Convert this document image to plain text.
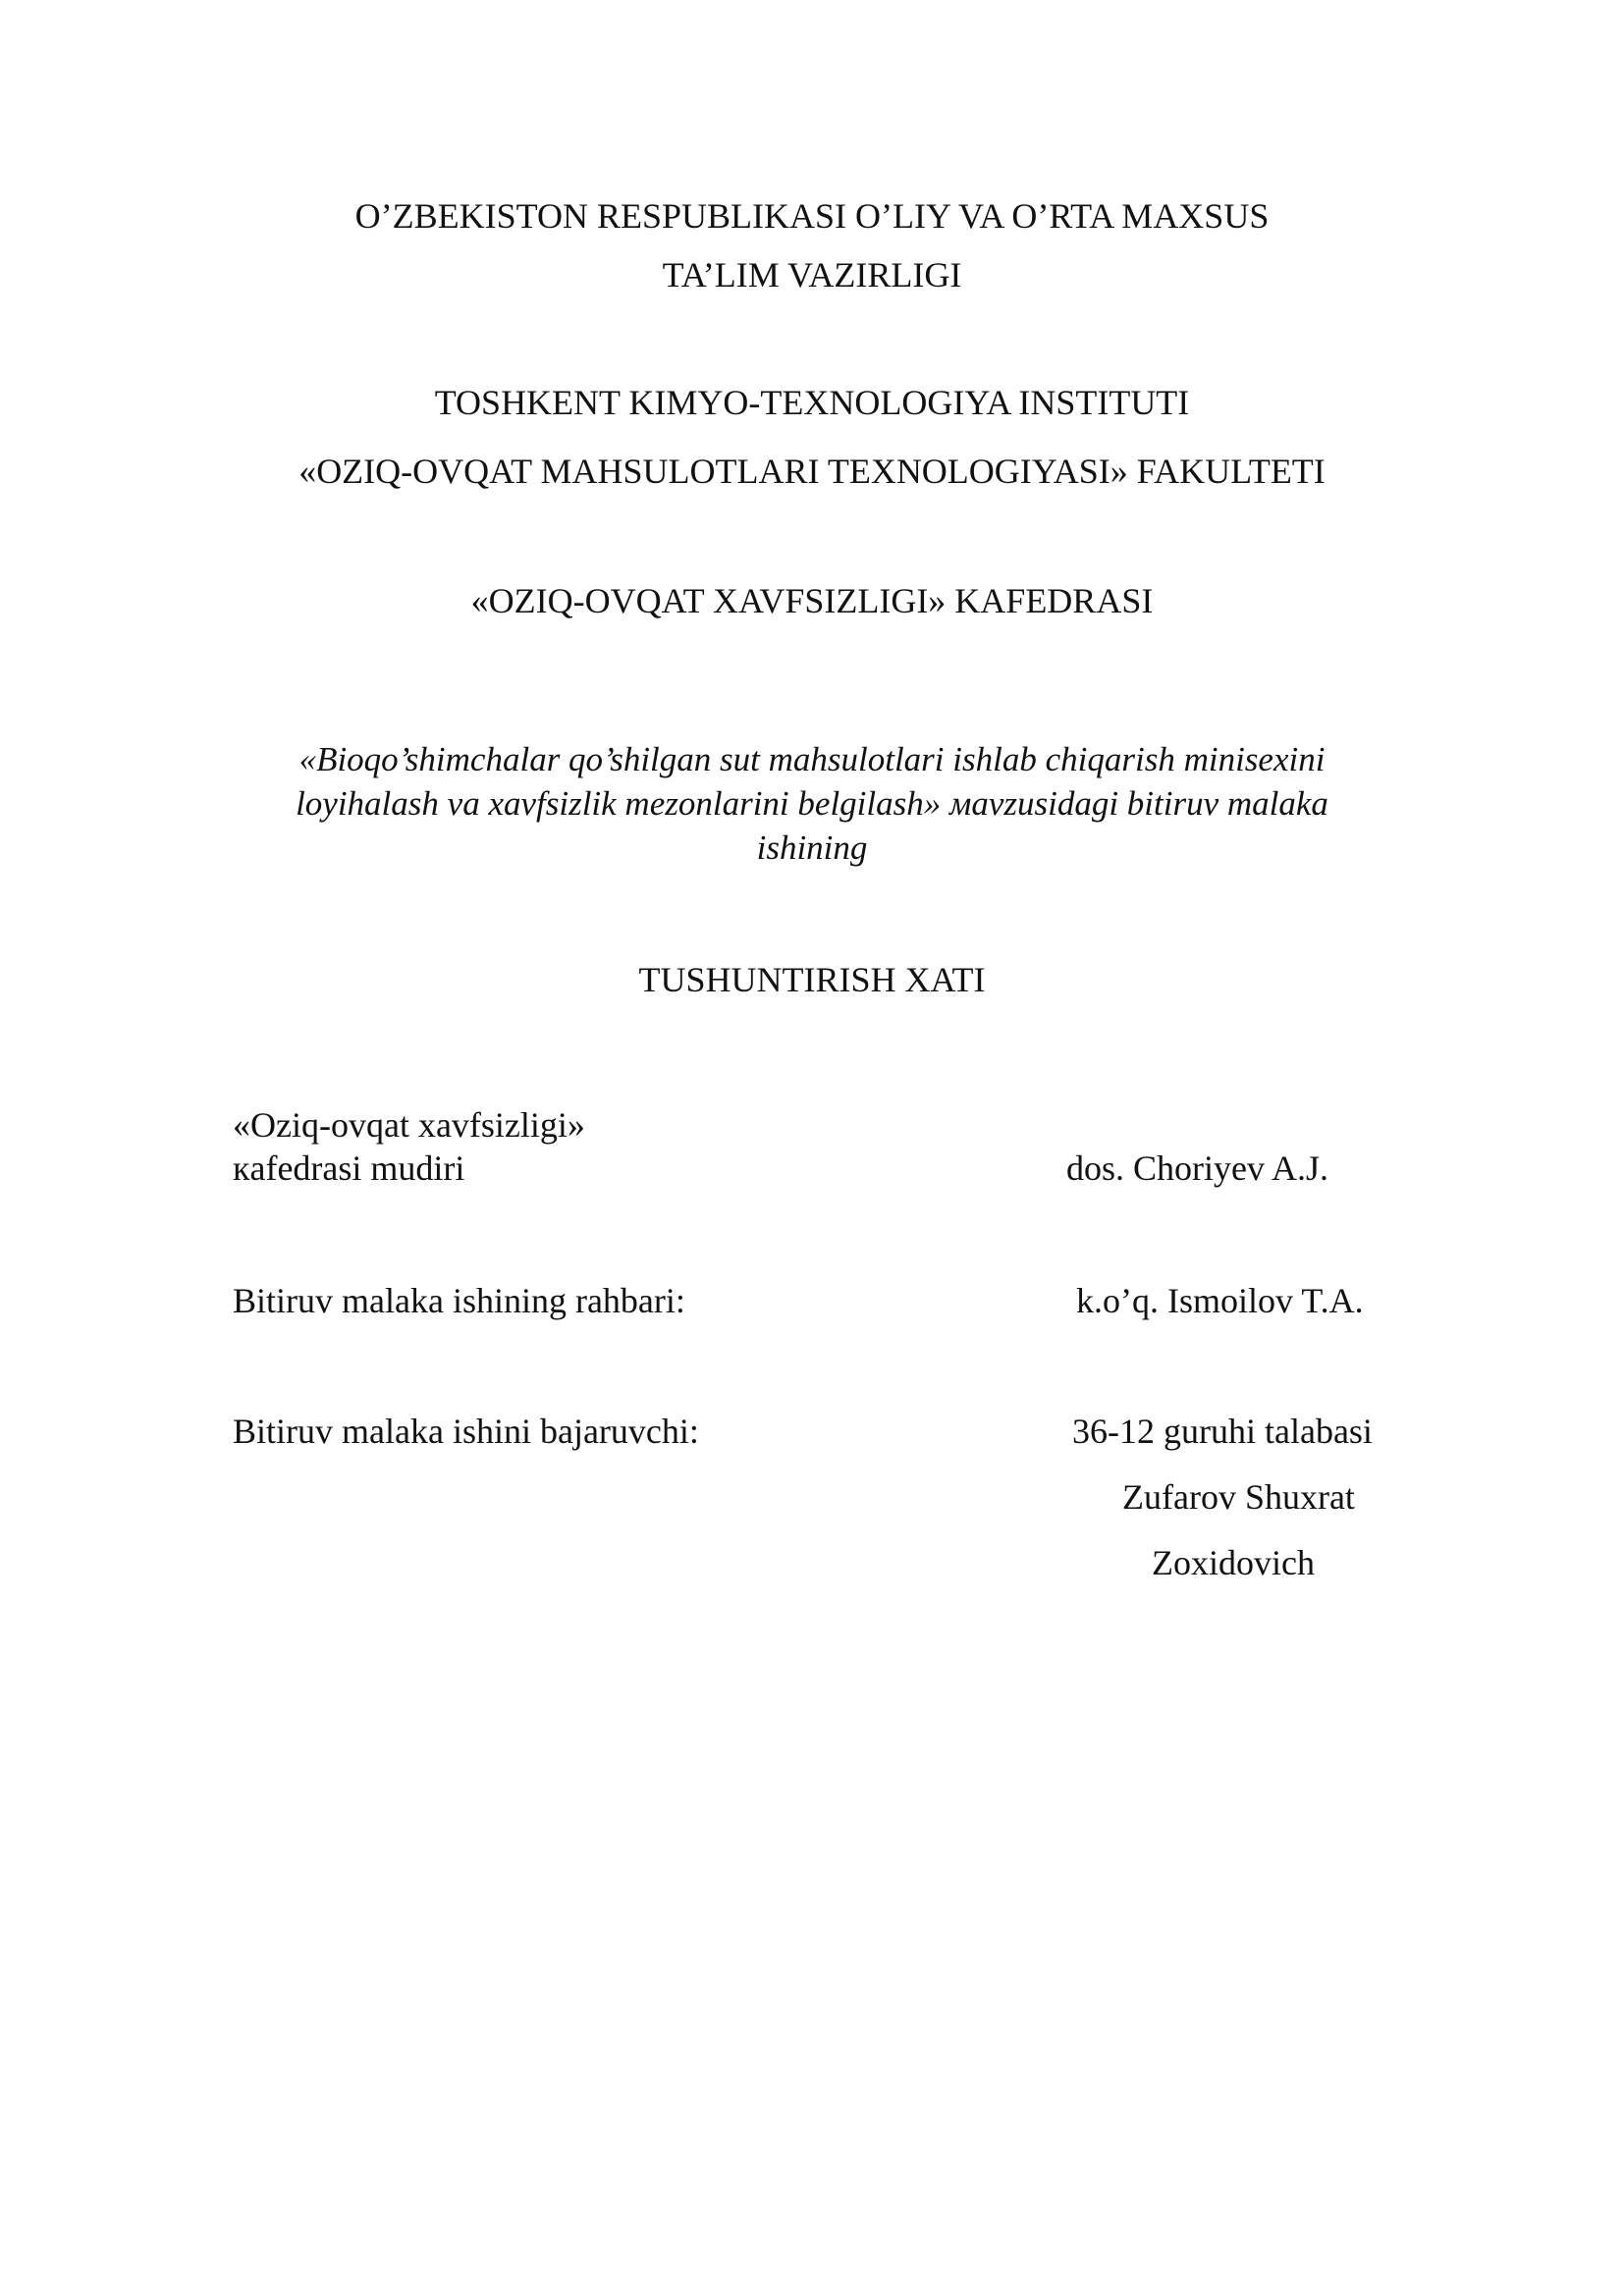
O’ZBEKISTON RESPUBLIKASI O’LIY VA O’RTA MAXSUS
TA’LIM VAZIRLIGI
TOSHKENT KIMYO-TEXNOLOGIYA INSTITUTI
«OZIQ-OVQAT MAHSULOTLARI TEXNOLOGIYASI» FAKULTETI
«OZIQ-OVQAT XAVFSIZLIGI» KAFEDRASI
«Bioqo’shimchalar qo’shilgan sut mahsulotlari ishlab chiqarish minisexini
loyihalash va xavfsizlik mezonlarini belgilash» мavzusidagi bitiruv malaka
ishining
TUSHUNTIRISH XATI
«Oziq-ovqat xavfsizligi»
кafedrasi mudiri	dos. Choriyev A.J.
Bitiruv malaka ishining rahbari:	k.o’q. Ismoilov T.A.
Bitiruv malaka ishini bajaruvchi:	36-12 guruhi talabasi
Zufarov Shuxrat
Zoxidovich
